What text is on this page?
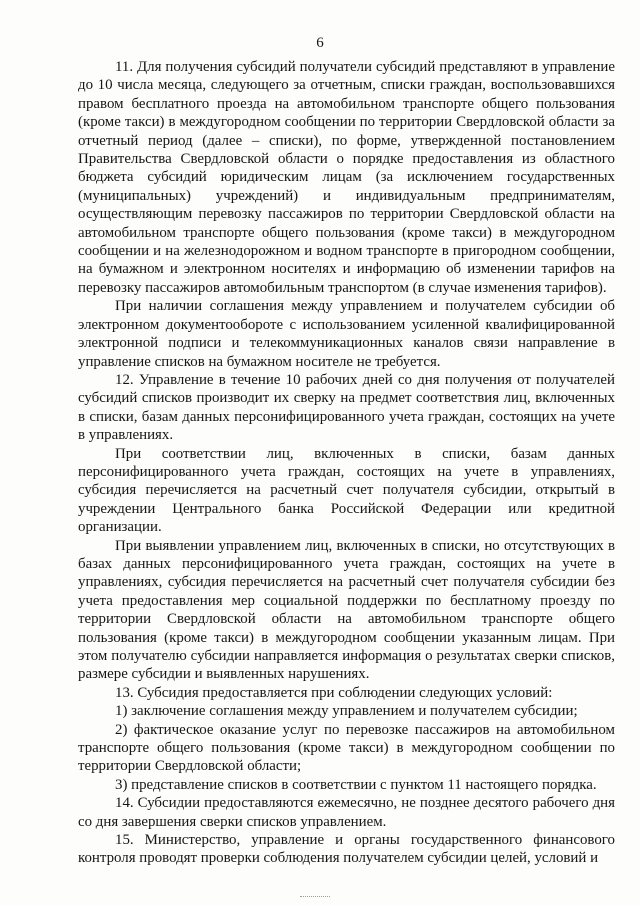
6

11. Для получения субсидий получатели субсидий представляют в управление до 10 числа месяца, следующего за отчетным, списки граждан, воспользовавшихся правом бесплатного проезда на автомобильном транспорте общего пользования (кроме такси) в междугородном сообщении по территории Свердловской области за отчетный период (далее – списки), по форме, утвержденной постановлением Правительства Свердловской области о порядке предоставления из областного бюджета субсидий юридическим лицам (за исключением государственных (муниципальных) учреждений) и индивидуальным предпринимателям, осуществляющим перевозку пассажиров по территории Свердловской области на автомобильном транспорте общего пользования (кроме такси) в междугородном сообщении и на железнодорожном и водном транспорте в пригородном сообщении, на бумажном и электронном носителях и информацию об изменении тарифов на перевозку пассажиров автомобильным транспортом (в случае изменения тарифов).

При наличии соглашения между управлением и получателем субсидии об электронном документообороте с использованием усиленной квалифицированной электронной подписи и телекоммуникационных каналов связи направление в управление списков на бумажном носителе не требуется.

12. Управление в течение 10 рабочих дней со дня получения от получателей субсидий списков производит их сверку на предмет соответствия лиц, включенных в списки, базам данных персонифицированного учета граждан, состоящих на учете в управлениях.

При соответствии лиц, включенных в списки, базам данных персонифицированного учета граждан, состоящих на учете в управлениях, субсидия перечисляется на расчетный счет получателя субсидии, открытый в учреждении Центрального банка Российской Федерации или кредитной организации.

При выявлении управлением лиц, включенных в списки, но отсутствующих в базах данных персонифицированного учета граждан, состоящих на учете в управлениях, субсидия перечисляется на расчетный счет получателя субсидии без учета предоставления мер социальной поддержки по бесплатному проезду по территории Свердловской области на автомобильном транспорте общего пользования (кроме такси) в междугородном сообщении указанным лицам. При этом получателю субсидии направляется информация о результатах сверки списков, размере субсидии и выявленных нарушениях.

13. Субсидия предоставляется при соблюдении следующих условий:

1) заключение соглашения между управлением и получателем субсидии;

2) фактическое оказание услуг по перевозке пассажиров на автомобильном транспорте общего пользования (кроме такси) в междугородном сообщении по территории Свердловской области;

3) представление списков в соответствии с пунктом 11 настоящего порядка.

14. Субсидии предоставляются ежемесячно, не позднее десятого рабочего дня со дня завершения сверки списков управлением.

15. Министерство, управление и органы государственного финансового контроля проводят проверки соблюдения получателем субсидии целей, условий и
